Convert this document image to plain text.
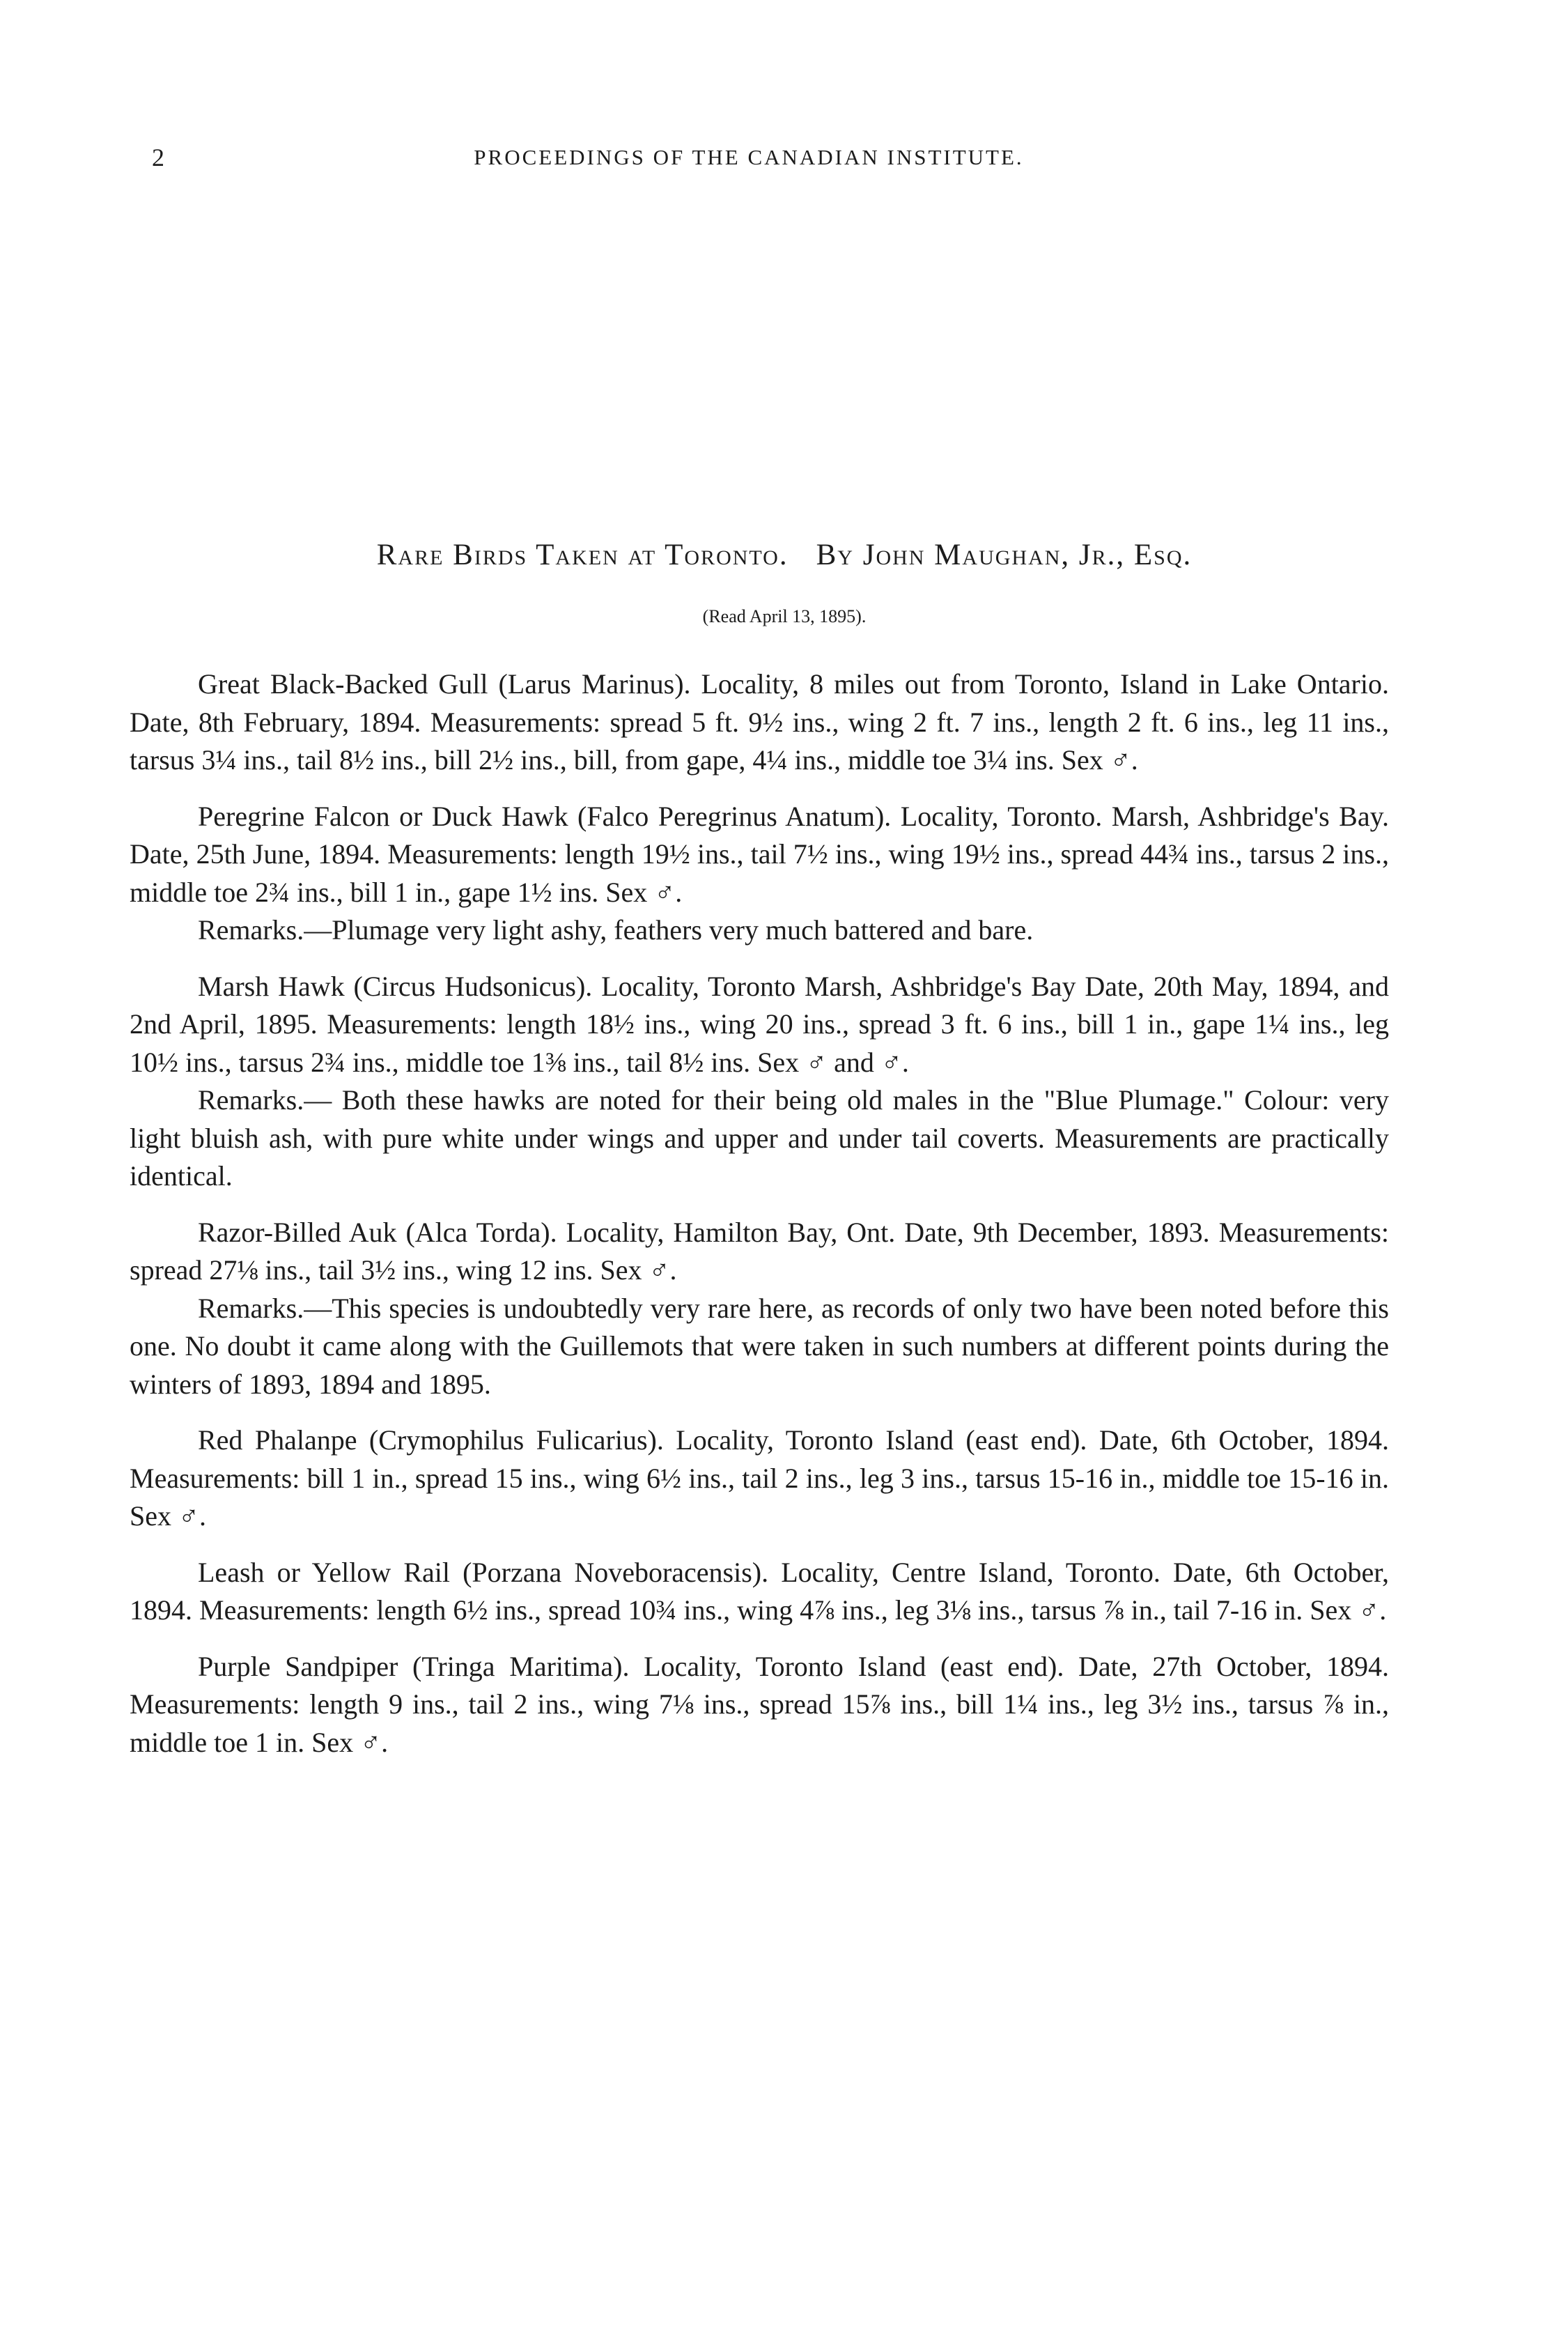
2	PROCEEDINGS OF THE CANADIAN INSTITUTE.
Rare Birds Taken at Toronto. By John Maughan, Jr., Esq.
(Read April 13, 1895).

Great Black-Backed Gull (Larus Marinus). Locality, 8 miles out from Toronto, Island in Lake Ontario. Date, 8th February, 1894. Measurements: spread 5 ft. 9½ ins., wing 2 ft. 7 ins., length 2 ft. 6 ins., leg 11 ins., tarsus 3¼ ins., tail 8½ ins., bill 2½ ins., bill, from gape, 4¼ ins., middle toe 3¼ ins. Sex ♂.

Peregrine Falcon or Duck Hawk (Falco Peregrinus Anatum). Locality, Toronto. Marsh, Ashbridge's Bay. Date, 25th June, 1894. Measurements: length 19½ ins., tail 7½ ins., wing 19½ ins., spread 44¾ ins., tarsus 2 ins., middle toe 2¾ ins., bill 1 in., gape 1½ ins. Sex ♂.

Remarks.—Plumage very light ashy, feathers very much battered and bare.

Marsh Hawk (Circus Hudsonicus). Locality, Toronto Marsh, Ashbridge's Bay Date, 20th May, 1894, and 2nd April, 1895. Measurements: length 18½ ins., wing 20 ins., spread 3 ft. 6 ins., bill 1 in., gape 1¼ ins., leg 10½ ins., tarsus 2¾ ins., middle toe 1⅜ ins., tail 8½ ins. Sex ♂ and ♂.

Remarks.— Both these hawks are noted for their being old males in the "Blue Plumage." Colour: very light bluish ash, with pure white under wings and upper and under tail coverts. Measurements are practically identical.

Razor-Billed Auk (Alca Torda). Locality, Hamilton Bay, Ont. Date, 9th December, 1893. Measurements: spread 27⅛ ins., tail 3½ ins., wing 12 ins. Sex ♂.

Remarks.—This species is undoubtedly very rare here, as records of only two have been noted before this one. No doubt it came along with the Guillemots that were taken in such numbers at different points during the winters of 1893, 1894 and 1895.

Red Phalanpe (Crymophilus Fulicarius). Locality, Toronto Island (east end). Date, 6th October, 1894. Measurements: bill 1 in., spread 15 ins., wing 6½ ins., tail 2 ins., leg 3 ins., tarsus 15-16 in., middle toe 15-16 in. Sex ♂.

Leash or Yellow Rail (Porzana Noveboracensis). Locality, Centre Island, Toronto. Date, 6th October, 1894. Measurements: length 6½ ins., spread 10¾ ins., wing 4⅞ ins., leg 3⅛ ins., tarsus ⅞ in., tail 7-16 in. Sex ♂.

Purple Sandpiper (Tringa Maritima). Locality, Toronto Island (east end). Date, 27th October, 1894. Measurements: length 9 ins., tail 2 ins., wing 7⅛ ins., spread 15⅞ ins., bill 1¼ ins., leg 3½ ins., tarsus ⅞ in., middle toe 1 in. Sex ♂.
